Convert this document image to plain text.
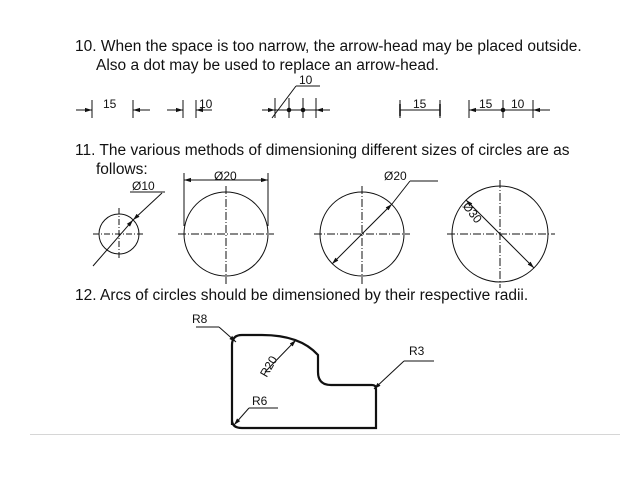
10. When the space is too narrow, the arrow-head may be placed outside.
Also a dot may be used to replace an arrow-head.
11. The various methods of dimensioning different sizes of circles are as
follows:
12. Arcs of circles should be dimensioned by their respective radii.
10
15	10	15	15 10
Ø10
Ø20	Ø20
Ø30
R8
R20
R3
R6
